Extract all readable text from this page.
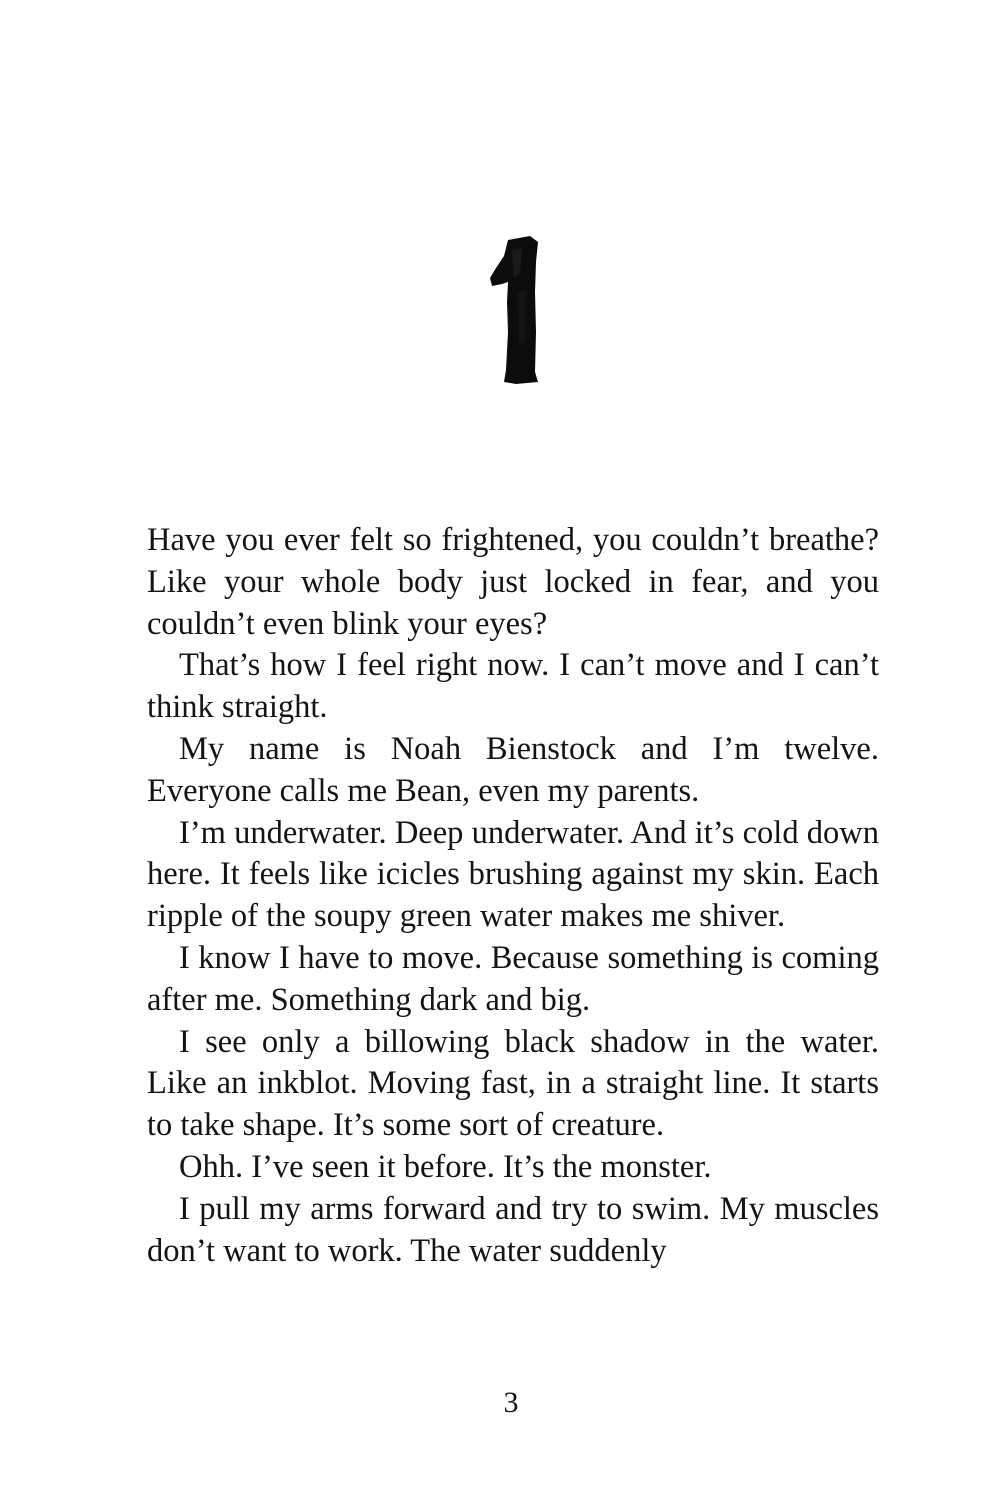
Have you ever felt so frightened, you couldn’t breathe? Like your whole body just locked in fear, and you couldn’t even blink your eyes?

That’s how I feel right now. I can’t move and I can’t think straight.

My name is Noah Bienstock and I’m twelve. Everyone calls me Bean, even my parents.

I’m underwater. Deep underwater. And it’s cold down here. It feels like icicles brushing against my skin. Each ripple of the soupy green water makes me shiver.

I know I have to move. Because something is coming after me. Something dark and big.

I see only a billowing black shadow in the water. Like an inkblot. Moving fast, in a straight line. It starts to take shape. It’s some sort of creature.

Ohh. I’ve seen it before. It’s the monster.

I pull my arms forward and try to swim. My muscles don’t want to work. The water suddenly

3
